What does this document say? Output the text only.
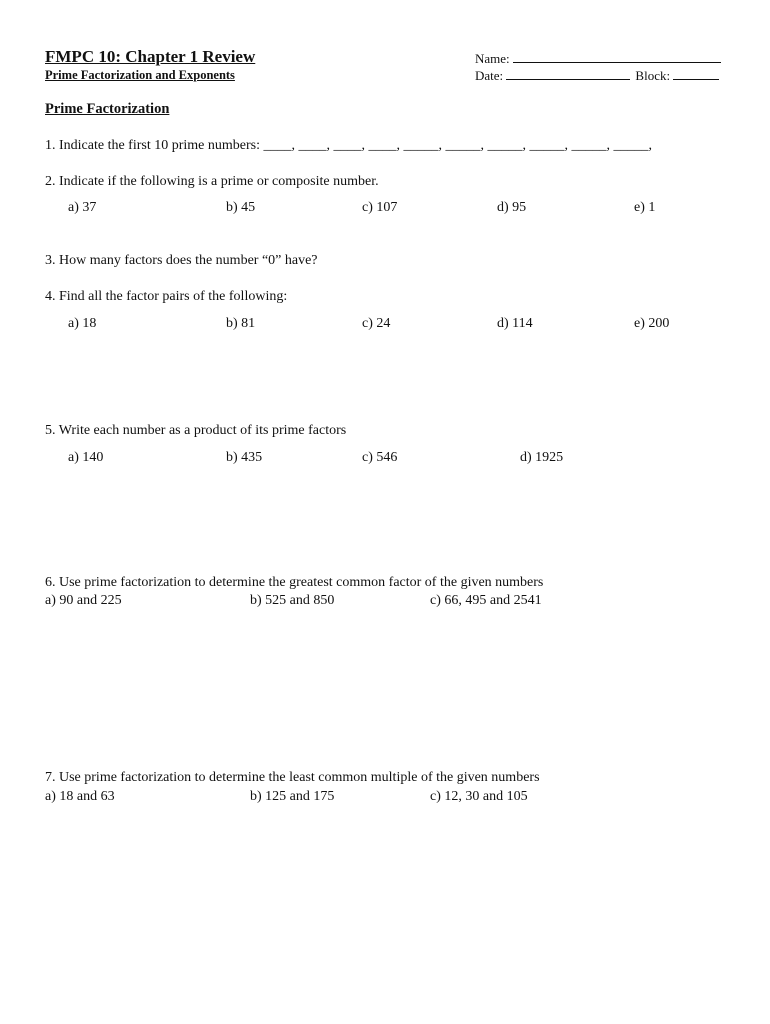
FMPC 10: Chapter 1 Review
Prime Factorization and Exponents
Name:
Date:	Block:
Prime Factorization
1. Indicate the first 10 prime numbers: ____, ____, ____, ____, _____, _____, _____, _____, _____, _____,
2. Indicate if the following is a prime or composite number.
a) 37	b) 45	c) 107	d) 95	e) 1
3. How many factors does the number “0” have?
4. Find all the factor pairs of the following:
a) 18	b) 81	c) 24	d) 114	e) 200
5. Write each number as a product of its prime factors
a) 140	b) 435	c) 546	d) 1925
6. Use prime factorization to determine the greatest common factor of the given numbers
a) 90 and 225	b) 525 and 850	c) 66, 495 and 2541
7. Use prime factorization to determine the least common multiple of the given numbers
a) 18 and 63	b) 125 and 175	c) 12, 30 and 105
